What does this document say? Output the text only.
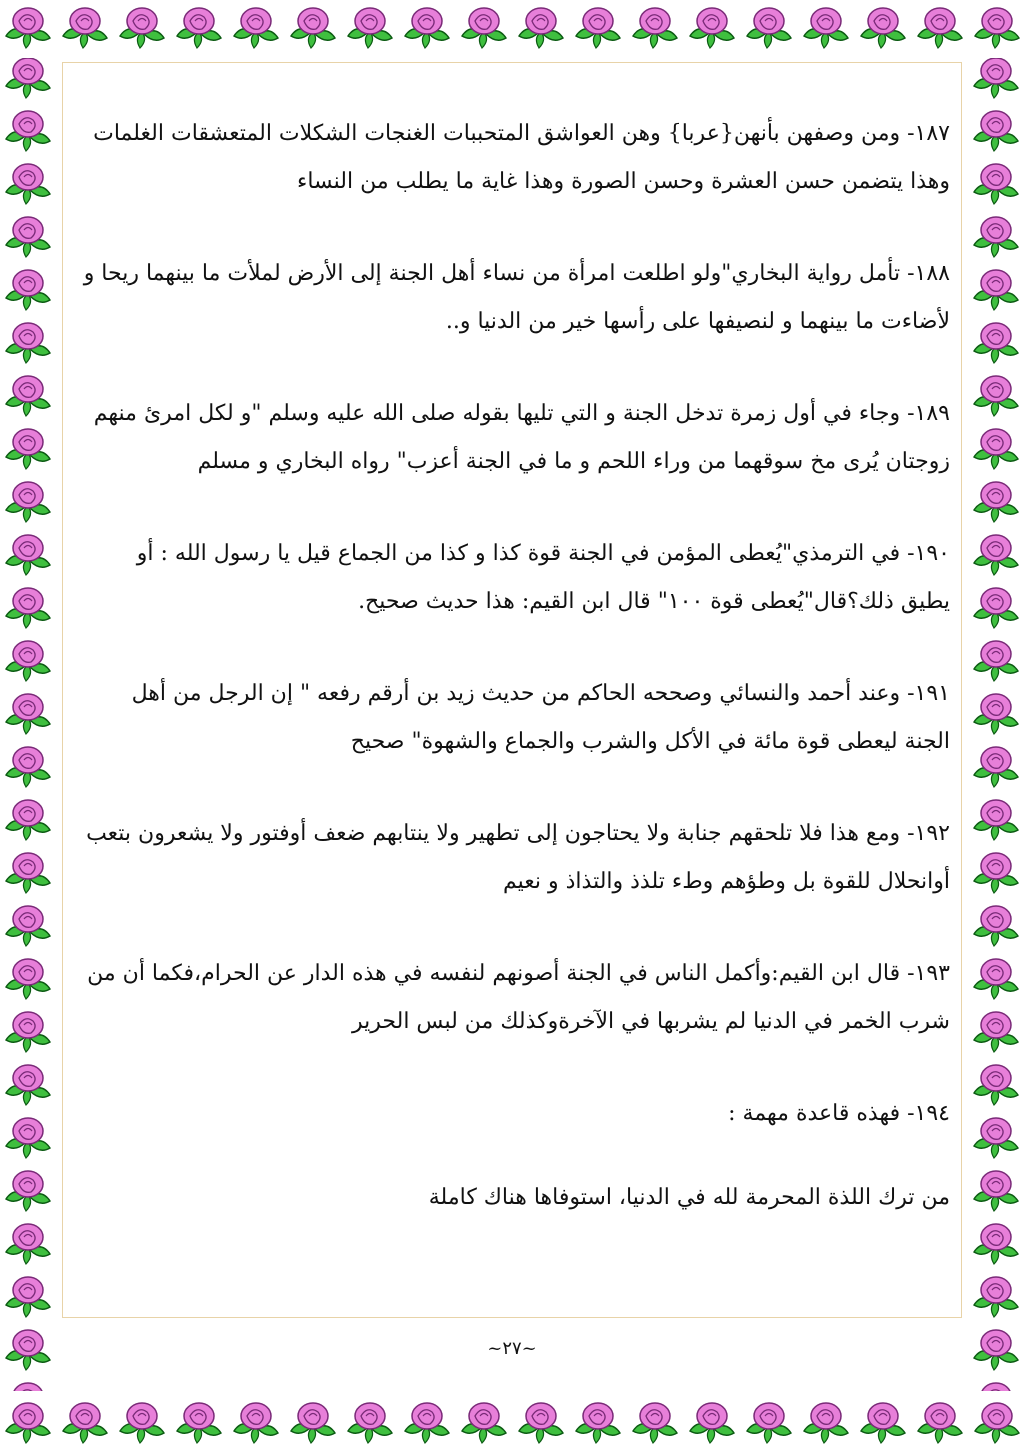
١٨٧- ومن وصفهن بأنهن{عربا} وهن العواشق المتحببات الغنجات الشكلات المتعشقات الغلمات وهذا يتضمن حسن العشرة وحسن الصورة وهذا غاية ما يطلب من النساء

١٨٨- تأمل رواية البخاري"ولو اطلعت امرأة من نساء أهل الجنة إلى الأرض لملأت ما بينهما ريحا و لأضاءت ما بينهما و لنصيفها على رأسها خير من الدنيا و..

١٨٩- وجاء في أول زمرة تدخل الجنة و التي تليها بقوله صلى الله عليه وسلم "و لكل امرئ منهم زوجتان يُرى مخ سوقهما من وراء اللحم و ما في الجنة أعزب" رواه البخاري و مسلم

١٩٠- في الترمذي"يُعطى المؤمن في الجنة قوة كذا و كذا من الجماع قيل يا رسول الله : أو يطيق ذلك؟قال"يُعطى قوة ١٠٠" قال ابن القيم: هذا حديث صحيح.

١٩١- وعند أحمد والنسائي وصححه الحاكم من حديث زيد بن أرقم رفعه " إن الرجل من أهل الجنة ليعطى قوة مائة في الأكل والشرب والجماع والشهوة" صحيح

١٩٢- ومع هذا فلا تلحقهم جنابة ولا يحتاجون إلى تطهير ولا ينتابهم ضعف أوفتور ولا يشعرون بتعب أوانحلال للقوة بل وطؤهم وطء تلذذ والتذاذ و نعيم

١٩٣- قال ابن القيم:وأكمل الناس في الجنة أصونهم لنفسه في هذه الدار عن الحرام،فكما أن من شرب الخمر في الدنيا لم يشربها في الآخرةوكذلك من لبس الحرير

١٩٤- فهذه قاعدة مهمة :

من ترك اللذة المحرمة لله في الدنيا، استوفاها هناك كاملة

~٢٧~
